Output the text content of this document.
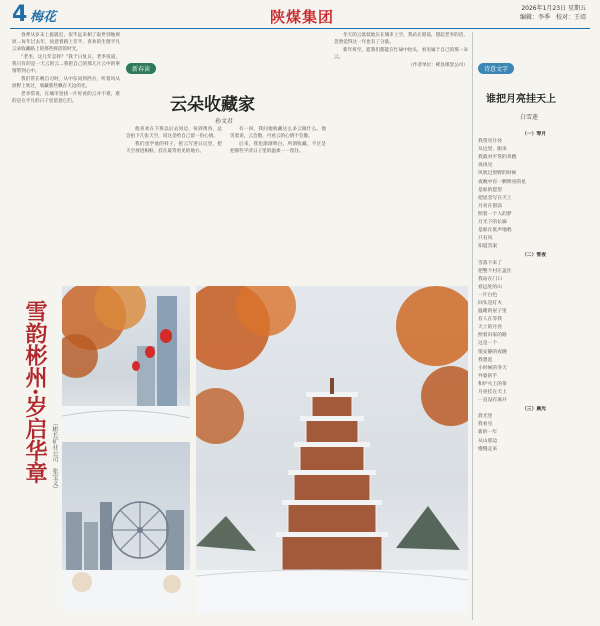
4 梅花	陕煤集团	2026年1月23日 星期五
编辑：李季　校对：王靖

春季从岁末上旋就近，似乎远来相了取世到地规原…每年过去年，故意着路上非半，喜欢的生理平凡云朵收藏路上的那些鲜活的时光。

“老李，这几年怎样？”我于日复日。老李说道，我只有的是一天云的云…我把自己的那几片云中的事情带到心中。

我们常在晚自习时，从中东问到西方，听着风从原野上吹过，收藏那些飘在天边的光。

老李常说，在城市里找一片好看的云并不难，难的是在平凡的日子里留意它们。

新春读
云朵收藏家
孙文君

他喜欢在下班以后去河边，每到黄昏，总会拍下几张天空，说这是给自己留一份心情。

我们也学他的样子，把云写进日记里，把天空放进相框，挂在最常看见的地方。

有一回，我问他收藏这么多云做什么。他笑着说，云会散，可看云的心情不会散。

后来，我也渐渐明白，所谓收藏，不过是把那些平淡日子里的温柔一一留住。

冬天的云低低地压在城市上空，我站在窗前，想起老李的话，忽然觉得这一年也有了分量。

新年将至，愿我们都能在忙碌中抬头，看见属于自己的那一朵云。

（作者单位：彬县煤炭公司）

诗意文字
谁把月亮挂天上
白雪莲
（一）琴月
我望见月亮
从这里，跟来
我就对平常的奔跑
说再见
风吹过原野的时候
夜晚中有一颗明亮的星
是谁的愿望
把思念写在天上
月亮在窗前
照着一个人的梦
月光下的长廊
是谁在低声地唱
只有风
知道答案
（二）雪夜
雪落下来了
把整个村庄盖住
我站在门口
看远处的山
一片白色
回头是灯火
温暖的屋子里
有人在等我
天上的月亮
照着归家的路
这是一个
很安静的夜晚
我想起
小时候的冬天
外婆的手
和炉火上的茶
月亮挂在天上
一直没有离开
（三）晨光
晨光里
我看见
新的一年
从山那边
慢慢走来
雪韵彬州·岁启华章 （彬长矿业公司　张宝义）
